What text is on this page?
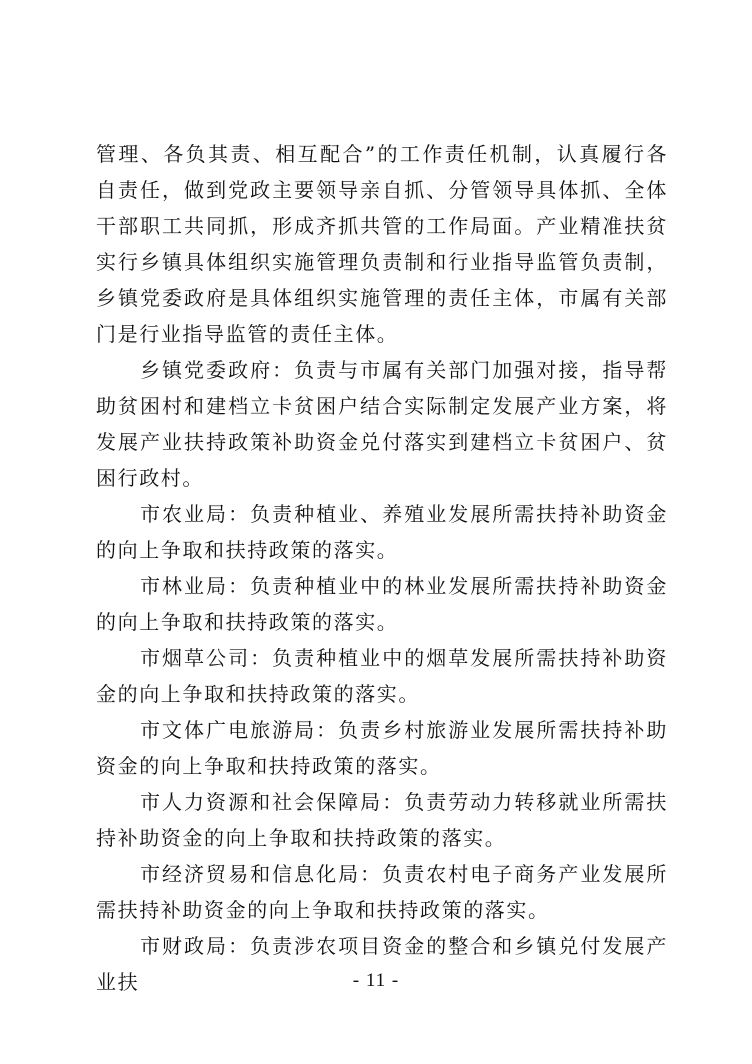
管理、各负其责、相互配合”的工作责任机制，认真履行各自责任，做到党政主要领导亲自抓、分管领导具体抓、全体干部职工共同抓，形成齐抓共管的工作局面。产业精准扶贫实行乡镇具体组织实施管理负责制和行业指导监管负责制，乡镇党委政府是具体组织实施管理的责任主体，市属有关部门是行业指导监管的责任主体。

乡镇党委政府：负责与市属有关部门加强对接，指导帮助贫困村和建档立卡贫困户结合实际制定发展产业方案，将发展产业扶持政策补助资金兑付落实到建档立卡贫困户、贫困行政村。

市农业局：负责种植业、养殖业发展所需扶持补助资金的向上争取和扶持政策的落实。

市林业局：负责种植业中的林业发展所需扶持补助资金的向上争取和扶持政策的落实。

市烟草公司：负责种植业中的烟草发展所需扶持补助资金的向上争取和扶持政策的落实。

市文体广电旅游局：负责乡村旅游业发展所需扶持补助资金的向上争取和扶持政策的落实。

市人力资源和社会保障局：负责劳动力转移就业所需扶持补助资金的向上争取和扶持政策的落实。

市经济贸易和信息化局：负责农村电子商务产业发展所需扶持补助资金的向上争取和扶持政策的落实。

市财政局：负责涉农项目资金的整合和乡镇兑付发展产业扶	- 11 -
